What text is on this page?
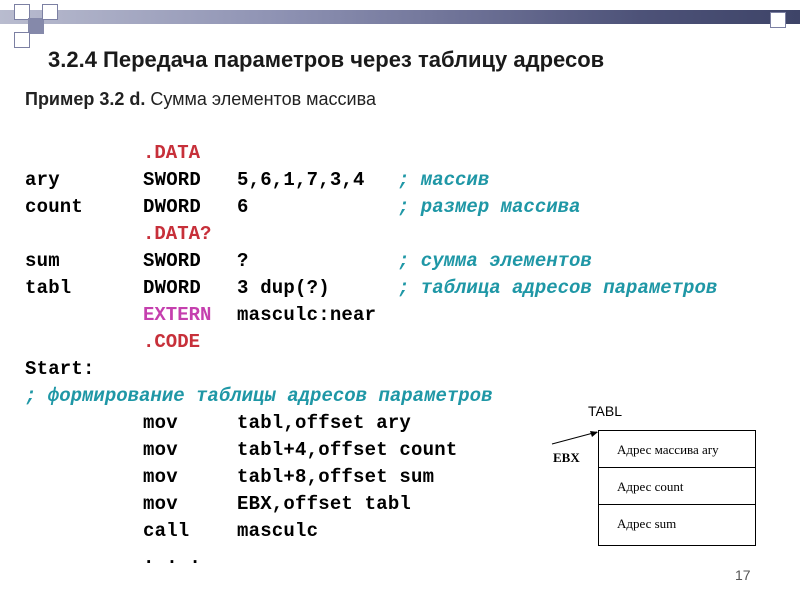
3.2.4 Передача параметров через таблицу адресов
Пример 3.2 d. Сумма элементов массива
ary
count
sum
tabl
Start:
.DATA
SWORD
DWORD
.DATA?
SWORD
DWORD
EXTERN
.CODE
mov
mov
mov
mov
call
. . .
5,6,1,7,3,4
6
?
3 dup(?)
masculc:near
tabl,offset ary
tabl+4,offset count
tabl+8,offset sum
EBX,offset tabl
masculc
; массив
; размер массива
; сумма элементов
; таблица адресов параметров
; формирование таблицы адресов параметров
TABL
EBX
Адрес массива ary
Адрес count
Адрес sum
17
